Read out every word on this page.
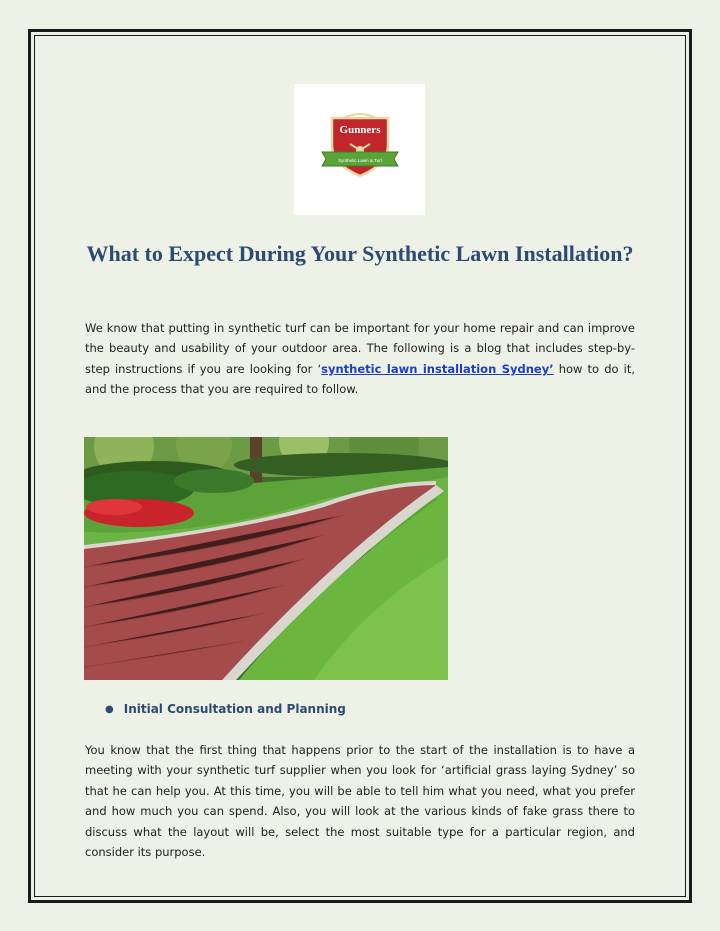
Gunners
Synthetic Lawn & Turf
What to Expect During Your Synthetic Lawn Installation?

We know that putting in synthetic turf can be important for your home repair and can improve the beauty and usability of your outdoor area. The following is a blog that includes step-by-step instructions if you are looking for ‘synthetic lawn installation Sydney’ how to do it, and the process that you are required to follow.

● Initial Consultation and Planning

You know that the first thing that happens prior to the start of the installation is to have a meeting with your synthetic turf supplier when you look for ‘artificial grass laying Sydney’ so that he can help you. At this time, you will be able to tell him what you need, what you prefer and how much you can spend. Also, you will look at the various kinds of fake grass there to discuss what the layout will be, select the most suitable type for a particular region, and consider its purpose.
